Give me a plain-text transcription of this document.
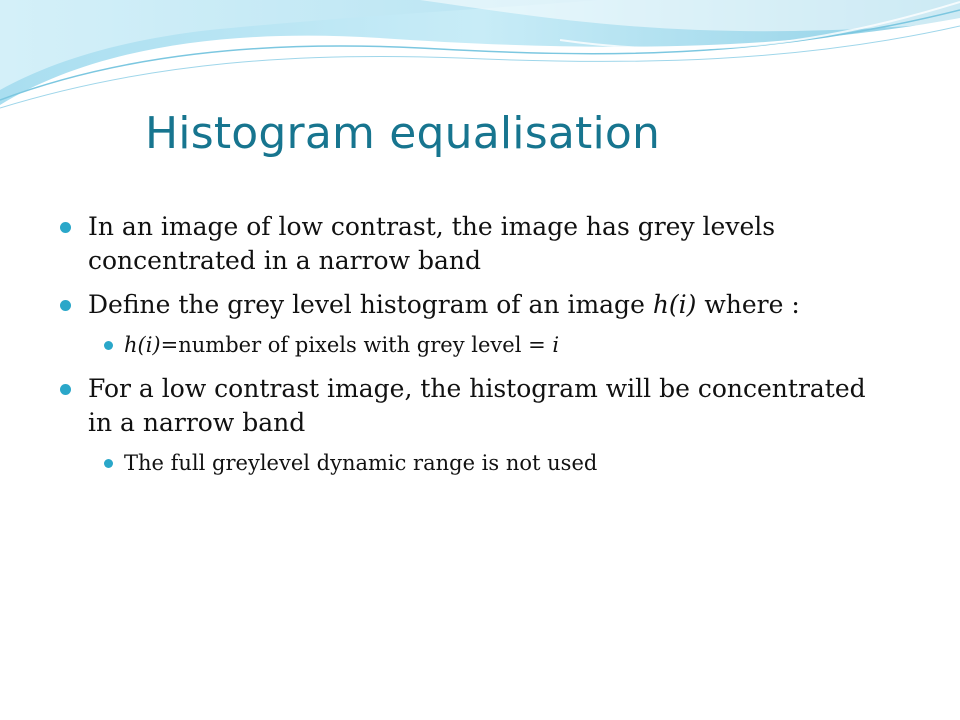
Histogram equalisation
In an image of low contrast, the image has grey levels concentrated in a narrow band
Define the grey level histogram of an image h(i) where :
h(i)=number of pixels with grey level = i
For a low contrast image, the histogram will be concentrated in a narrow band
The full greylevel dynamic range is not used
